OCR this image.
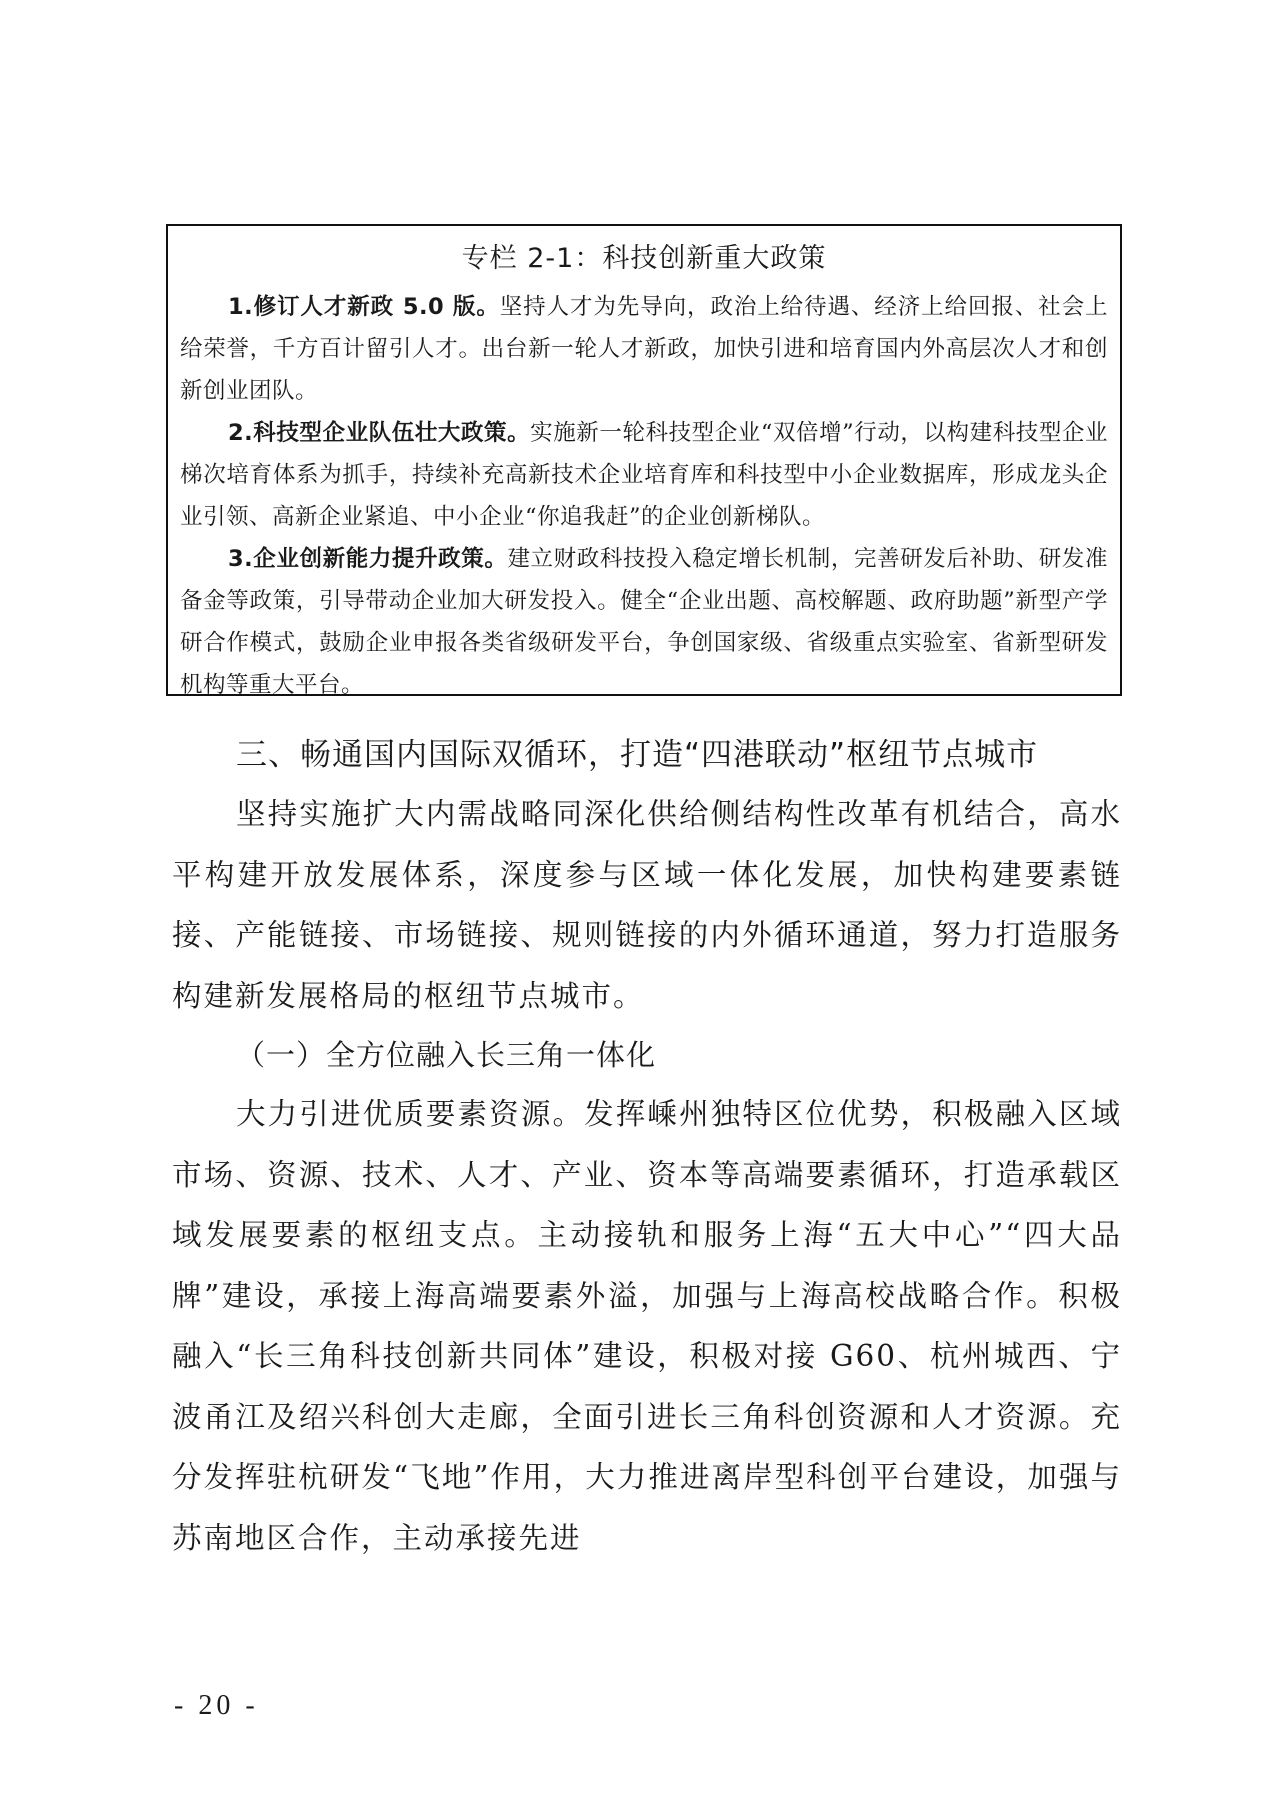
专栏 2-1：科技创新重大政策

1.修订人才新政 5.0 版。坚持人才为先导向，政治上给待遇、经济上给回报、社会上给荣誉，千方百计留引人才。出台新一轮人才新政，加快引进和培育国内外高层次人才和创新创业团队。

2.科技型企业队伍壮大政策。实施新一轮科技型企业“双倍增”行动，以构建科技型企业梯次培育体系为抓手，持续补充高新技术企业培育库和科技型中小企业数据库，形成龙头企业引领、高新企业紧追、中小企业“你追我赶”的企业创新梯队。

3.企业创新能力提升政策。建立财政科技投入稳定增长机制，完善研发后补助、研发准备金等政策，引导带动企业加大研发投入。健全“企业出题、高校解题、政府助题”新型产学研合作模式，鼓励企业申报各类省级研发平台，争创国家级、省级重点实验室、省新型研发机构等重大平台。

三、畅通国内国际双循环，打造“四港联动”枢纽节点城市

坚持实施扩大内需战略同深化供给侧结构性改革有机结合，高水平构建开放发展体系，深度参与区域一体化发展，加快构建要素链接、产能链接、市场链接、规则链接的内外循环通道，努力打造服务构建新发展格局的枢纽节点城市。

（一）全方位融入长三角一体化

大力引进优质要素资源。发挥嵊州独特区位优势，积极融入区域市场、资源、技术、人才、产业、资本等高端要素循环，打造承载区域发展要素的枢纽支点。主动接轨和服务上海“五大中心”“四大品牌”建设，承接上海高端要素外溢，加强与上海高校战略合作。积极融入“长三角科技创新共同体”建设，积极对接 G60、杭州城西、宁波甬江及绍兴科创大走廊，全面引进长三角科创资源和人才资源。充分发挥驻杭研发“飞地”作用，大力推进离岸型科创平台建设，加强与苏南地区合作，主动承接先进

- 20 -
